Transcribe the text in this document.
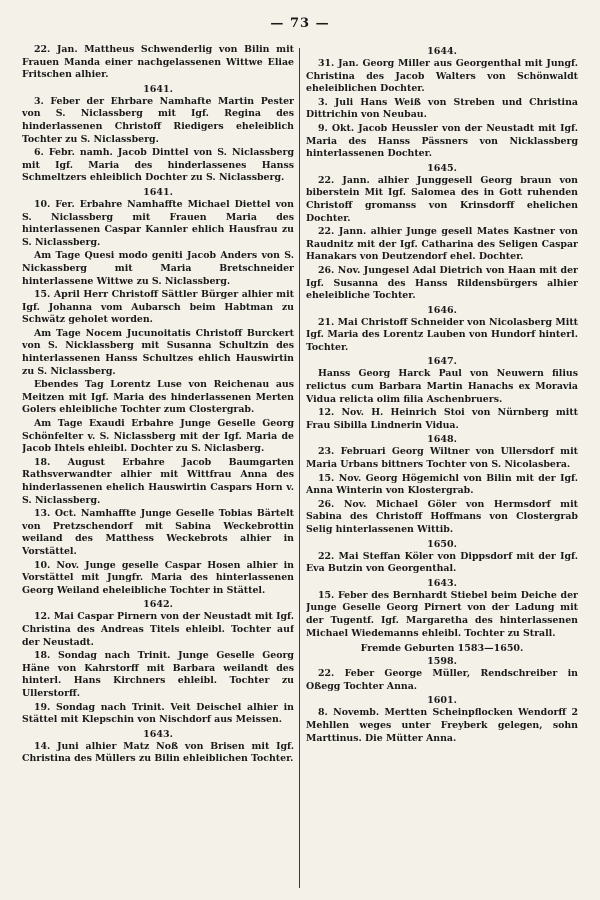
— 73 —
22. Jan. Mattheus Schwenderlig von Bilin mit Frauen Manda einer nachgelassenen Wittwe Eliae Fritschen alhier.
1641.
3. Feber der Ehrbare Namhafte Martin Pester von S. Niclassberg mit Igf. Regina des hinderlassenen Christoff Riedigers eheleiblich Tochter zu S. Niclassberg.
6. Febr. namh. Jacob Dinttel von S. Niclassberg mit Igf. Maria des hinderlassenes Hanss Schmeltzers ehleiblich Dochter zu S. Niclassberg.
1641.
10. Fer. Erbahre Namhaffte Michael Diettel von S. Niclassberg mit Frauen Maria des hinterlassenen Caspar Kannler ehlich Hausfrau zu S. Niclassberg.
Am Tage Quesi modo geniti Jacob Anders von S. Nickassberg mit Maria Bretschneider hinterlassene Wittwe zu S. Niclassberg.
15. April Herr Christoff Sättler Bürger alhier mit Igf. Johanna vom Aubarsch beim Habtman zu Schwätz geholet worden.
Am Tage Nocem Jucunoitatis Christoff Burckert von S. Nicklassberg mit Susanna Schultzin des hinterlassenen Hanss Schultzes ehlich Hauswirtin zu S. Niclassberg.
Ebendes Tag Lorentz Luse von Reichenau aus Meitzen mit Igf. Maria des hinderlassenen Merten Golers ehleibliche Tochter zum Clostergrab.
Am Tage Exaudi Erbahre Junge Geselle Georg Schönfelter v. S. Niclassberg mit der Igf. Maria de Jacob Ihtels ehleibl. Dochter zu S. Niclasberg.
18. August Erbahre Jacob Baumgarten Rathsverwandter alhier mit Wittfrau Anna des hinderlassenen ehelich Hauswirtin Caspars Horn v. S. Niclassberg.
13. Oct. Namhaffte Junge Geselle Tobias Bärtelt von Pretzschendorf mit Sabina Weckebrottin weiland des Matthess Weckebrots alhier in Vorstättel.
10. Nov. Junge geselle Caspar Hosen alhier in Vorstättel mit Jungfr. Maria des hinterlassenen Georg Weiland eheleibliche Tochter in Stättel.
1642.
12. Mai Caspar Pirnern von der Neustadt mit Igf. Christina des Andreas Titels ehleibl. Tochter auf der Neustadt.
18. Sondag nach Trinit. Junge Geselle Georg Häne von Kahrstorff mit Barbara weilandt des hinterl. Hans Kirchners ehleibl. Tochter zu Ullerstorff.
19. Sondag nach Trinit. Veit Deischel alhier in Stättel mit Klepschin von Nischdorf aus Meissen.
1643.
14. Juni alhier Matz Noß von Brisen mit Igf. Christina des Müllers zu Bilin ehleiblichen Tochter.
1644.
31. Jan. Georg Miller aus Georgenthal mit Jungf. Christina des Jacob Walters von Schönwaldt eheleiblichen Dochter.
3. Juli Hans Weiß von Streben und Christina Dittrichin von Neubau.
9. Okt. Jacob Heussler von der Neustadt mit Igf. Maria des Hanss Pässners von Nicklassberg hinterlassenen Dochter.
1645.
22. Jann. alhier Junggesell Georg braun von biberstein Mit Igf. Salomea des in Gott ruhenden Christoff gromanss von Krinsdorff ehelichen Dochter.
22. Jann. alhier Junge gesell Mates Kastner von Raudnitz mit der Igf. Catharina des Seligen Caspar Hanakars von Deutzendorf ehel. Dochter.
26. Nov. Jungesel Adal Dietrich von Haan mit der Igf. Susanna des Hanss Rildensbürgers alhier eheleibliche Tochter.
1646.
21. Mai Christoff Schneider von Nicolasberg Mitt Igf. Maria des Lorentz Lauben von Hundorf hinterl. Tochter.
1647.
Hanss Georg Harck Paul von Neuwern filius relictus cum Barbara Martin Hanachs ex Moravia Vidua relicta olim filia Aschenbruers.
12. Nov. H. Heinrich Stoi von Nürnberg mitt Frau Sibilla Lindnerin Vidua.
1648.
23. Februari Georg Wiltner von Ullersdorf mit Maria Urbans bittners Tochter von S. Nicolasbera.
15. Nov. Georg Högemichl von Bilin mit der Igf. Anna Winterin von Klostergrab.
26. Nov. Michael Göler von Hermsdorf mit Sabina des Christoff Hoffmans von Clostergrab Selig hinterlassenen Wittib.
1650.
22. Mai Steffan Köler von Dippsdorf mit der Igf. Eva Butzin von Georgenthal.
1643.
15. Feber des Bernhardt Stiebel beim Deiche der Junge Geselle Georg Pirnert von der Ladung mit der Tugentf. Igf. Margaretha des hinterlassenen Michael Wiedemanns ehleibl. Tochter zu Strall.
Fremde Geburten 1583—1650.
1598.
22. Feber George Müller, Rendschreiber in Oßegg Tochter Anna.
1601.
8. Novemb. Mertten Scheinpflocken Wendorff 2 Mehllen weges unter Freyberk gelegen, sohn Marttinus. Die Mütter Anna.
